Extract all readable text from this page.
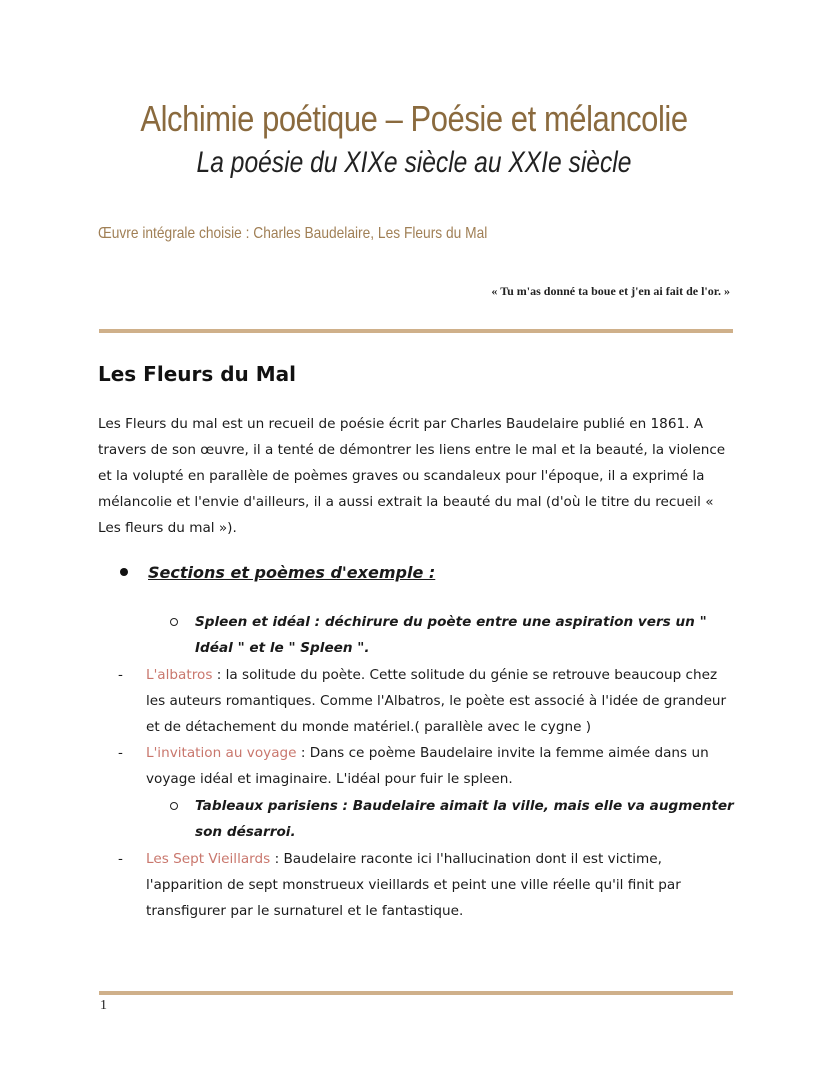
Alchimie poétique – Poésie et mélancolie
La poésie du XIXe siècle au XXIe siècle
Œuvre intégrale choisie : Charles Baudelaire, Les Fleurs du Mal
« Tu m'as donné ta boue et j'en ai fait de l'or. »
Les Fleurs du Mal

Les Fleurs du mal est un recueil de poésie écrit par Charles Baudelaire publié en 1861. A travers de son œuvre, il a tenté de démontrer les liens entre le mal et la beauté, la violence et la volupté en parallèle de poèmes graves ou scandaleux pour l'époque, il a exprimé la mélancolie et l'envie d'ailleurs, il a aussi extrait la beauté du mal (d'où le titre du recueil « Les fleurs du mal »).

Sections et poèmes d'exemple :
Spleen et idéal : déchirure du poète entre une aspiration vers un " Idéal " et le " Spleen ".
- L'albatros : la solitude du poète. Cette solitude du génie se retrouve beaucoup chez les auteurs romantiques. Comme l'Albatros, le poète est associé à l'idée de grandeur et de détachement du monde matériel.( parallèle avec le cygne )
- L'invitation au voyage : Dans ce poème Baudelaire invite la femme aimée dans un voyage idéal et imaginaire. L'idéal pour fuir le spleen.
Tableaux parisiens : Baudelaire aimait la ville, mais elle va augmenter son désarroi.
- Les Sept Vieillards : Baudelaire raconte ici l'hallucination dont il est victime, l'apparition de sept monstrueux vieillards et peint une ville réelle qu'il finit par transfigurer par le surnaturel et le fantastique.
1
